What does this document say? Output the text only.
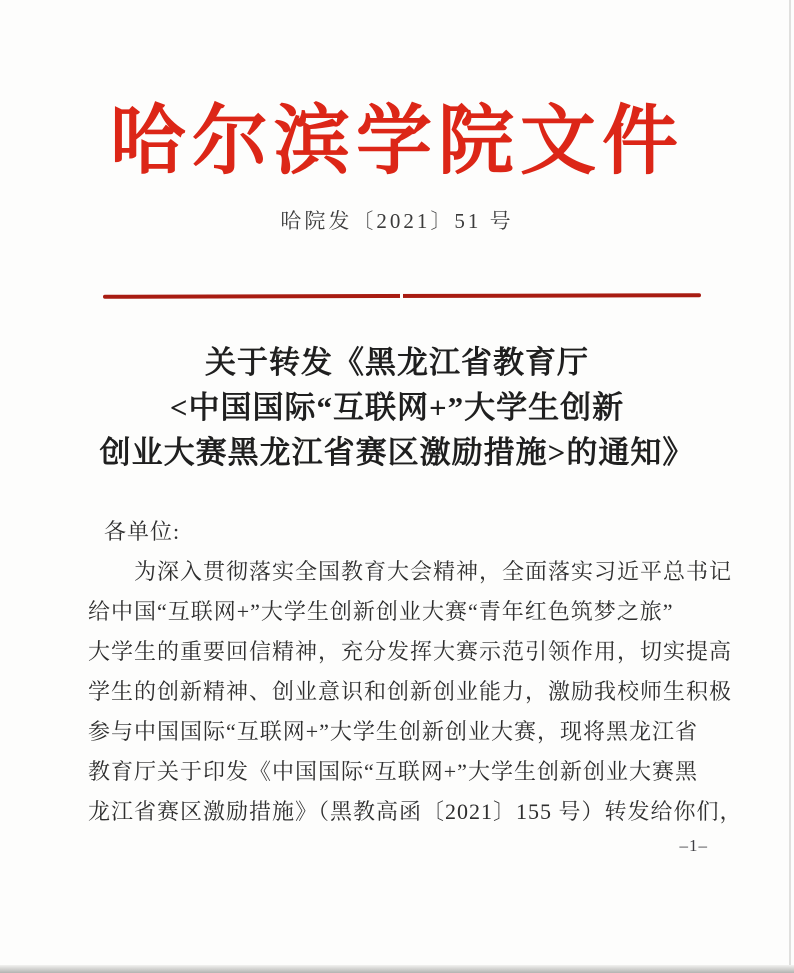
哈尔滨学院文件
哈院发〔2021〕51 号
关于转发《黑龙江省教育厅
<中国国际“互联网+”大学生创新
创业大赛黑龙江省赛区激励措施>的通知》
各单位:
　　为深入贯彻落实全国教育大会精神，全面落实习近平总书记
给中国“互联网+”大学生创新创业大赛“青年红色筑梦之旅”
大学生的重要回信精神，充分发挥大赛示范引领作用，切实提高
学生的创新精神、创业意识和创新创业能力，激励我校师生积极
参与中国国际“互联网+”大学生创新创业大赛，现将黑龙江省
教育厅关于印发《中国国际“互联网+”大学生创新创业大赛黑
龙江省赛区激励措施》（黑教高函〔2021〕155 号）转发给你们，
–1–
